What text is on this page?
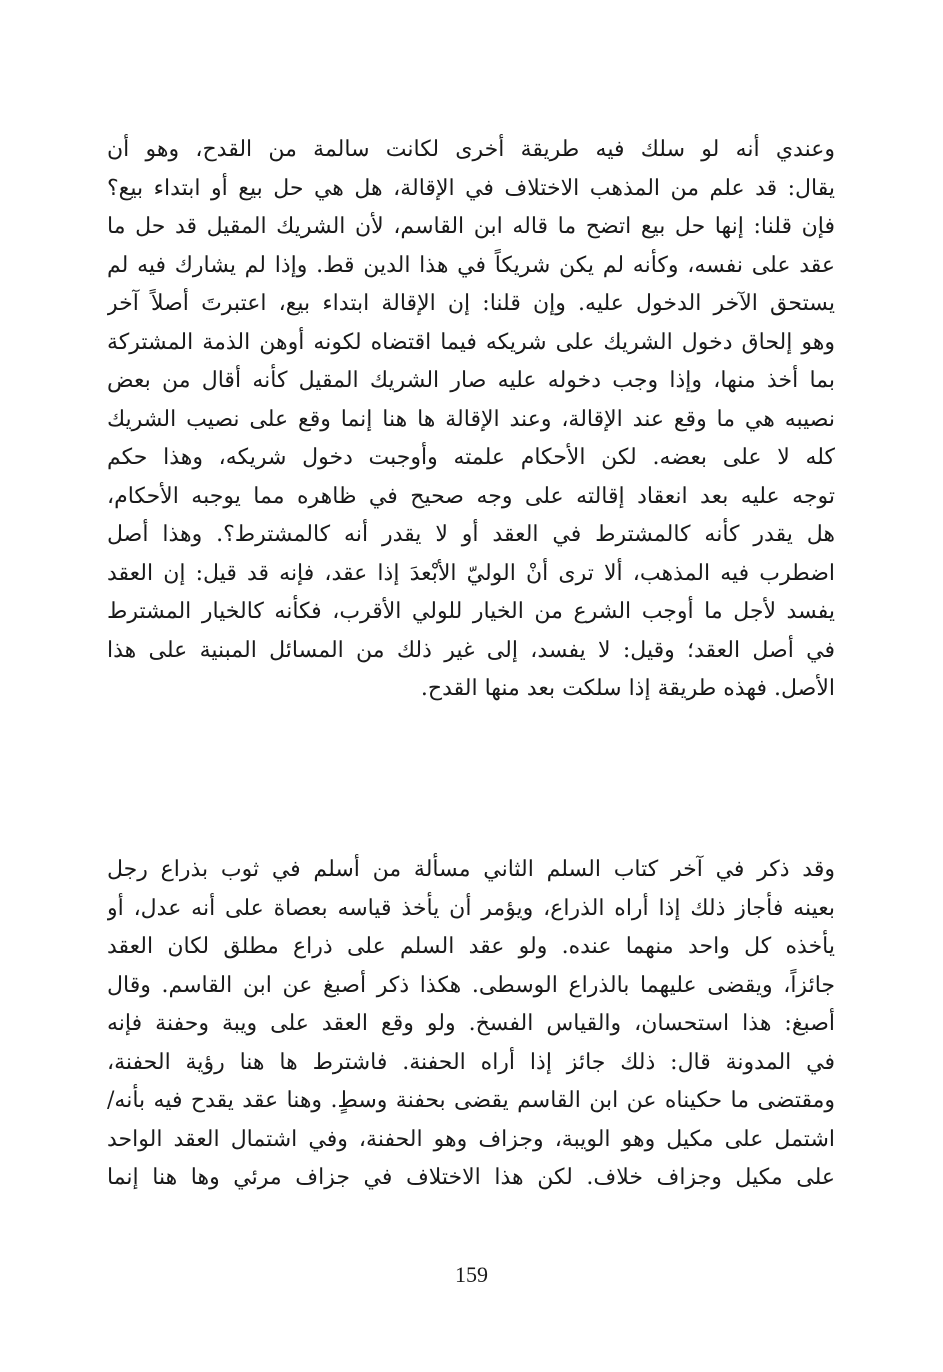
وعندي أنه لو سلك فيه طريقة أخرى لكانت سالمة من القدح، وهو أن
يقال: قد علم من المذهب الاختلاف في الإقالة، هل هي حل بيع أو ابتداء بيع؟
فإن قلنا: إنها حل بيع اتضح ما قاله ابن القاسم، لأن الشريك المقيل قد حل ما
عقد على نفسه، وكأنه لم يكن شريكاً في هذا الدين قط. وإذا لم يشارك فيه لم
يستحق الآخر الدخول عليه. وإن قلنا: إن الإقالة ابتداء بيع، اعتبرتَ أصلاً آخر
وهو إلحاق دخول الشريك على شريكه فيما اقتضاه لكونه أوهن الذمة المشتركة
بما أخذ منها، وإذا وجب دخوله عليه صار الشريك المقيل كأنه أقال من بعض
نصيبه هي ما وقع عند الإقالة، وعند الإقالة ها هنا إنما وقع على نصيب الشريك
كله لا على بعضه. لكن الأحكام علمته وأوجبت دخول شريكه، وهذا حكم
توجه عليه بعد انعقاد إقالته على وجه صحيح في ظاهره مما يوجبه الأحكام،
هل يقدر كأنه كالمشترط في العقد أو لا يقدر أنه كالمشترط؟. وهذا أصل
اضطرب فيه المذهب، ألا ترى أنْ الوليّ الأبْعدَ إذا عقد، فإنه قد قيل: إن العقد
يفسد لأجل ما أوجب الشرع من الخيار للولي الأقرب، فكأنه كالخيار المشترط
في أصل العقد؛ وقيل: لا يفسد، إلى غير ذلك من المسائل المبنية على هذا
الأصل. فهذه طريقة إذا سلكت بعد منها القدح.

وقد ذكر في آخر كتاب السلم الثاني مسألة من أسلم في ثوب بذراع رجل
بعينه فأجاز ذلك إذا أراه الذراع، ويؤمر أن يأخذ قياسه بعصاة على أنه عدل، أو
يأخذه كل واحد منهما عنده. ولو عقد السلم على ذراع مطلق لكان العقد
جائزاً، ويقضى عليهما بالذراع الوسطى. هكذا ذكر أصبغ عن ابن القاسم. وقال
أصبغ: هذا استحسان، والقياس الفسخ. ولو وقع العقد على ويبة وحفنة فإنه
في المدونة قال: ذلك جائز إذا أراه الحفنة. فاشترط ها هنا رؤية الحفنة،
ومقتضى ما حكيناه عن ابن القاسم يقضى بحفنة وسطٍ. وهنا عقد يقدح فيه بأنه/
اشتمل على مكيل وهو الويبة، وجزاف وهو الحفنة، وفي اشتمال العقد الواحد
على مكيل وجزاف خلاف. لكن هذا الاختلاف في جزاف مرئي وها هنا إنما

159
